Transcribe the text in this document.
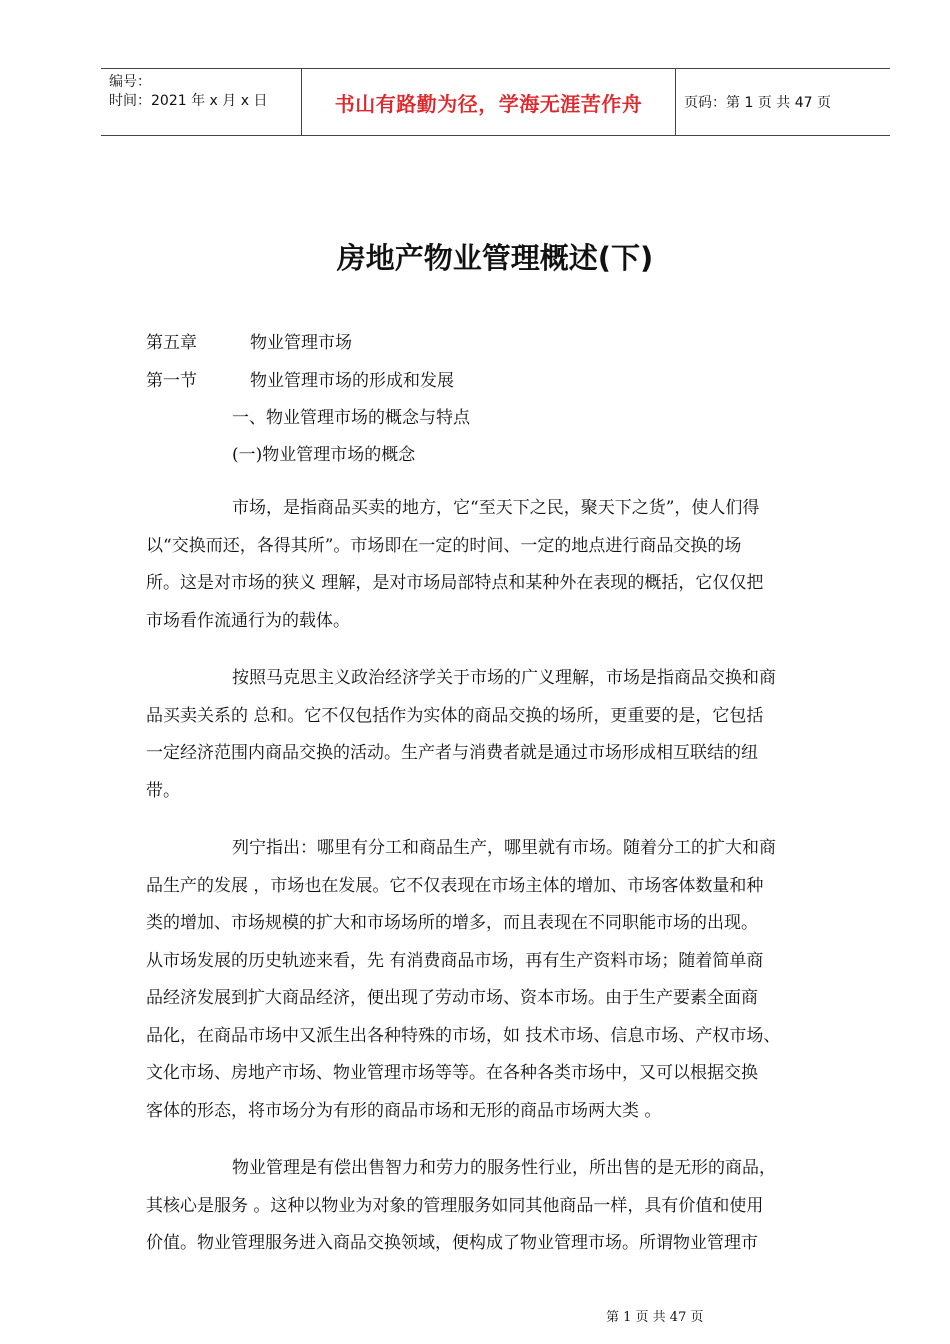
编号：
时间：2021 年 x 月 x 日	书山有路勤为径，学海无涯苦作舟	页码：第 1 页 共 47 页
房地产物业管理概述(下)
第五章	物业管理市场
第一节	物业管理市场的形成和发展
一、物业管理市场的概念与特点
(一)物业管理市场的概念
市场，是指商品买卖的地方，它“至天下之民，聚天下之货”，使人们得
以“交换而还，各得其所”。市场即在一定的时间、一定的地点进行商品交换的场
所。这是对市场的狭义 理解，是对市场局部特点和某种外在表现的概括，它仅仅把
市场看作流通行为的载体。
按照马克思主义政治经济学关于市场的广义理解，市场是指商品交换和商
品买卖关系的 总和。它不仅包括作为实体的商品交换的场所，更重要的是，它包括
一定经济范围内商品交换的活动。生产者与消费者就是通过市场形成相互联结的纽
带。
列宁指出：哪里有分工和商品生产，哪里就有市场。随着分工的扩大和商
品生产的发展 ，市场也在发展。它不仅表现在市场主体的增加、市场客体数量和种
类的增加、市场规模的扩大和市场场所的增多，而且表现在不同职能市场的出现。
从市场发展的历史轨迹来看，先 有消费商品市场，再有生产资料市场；随着简单商
品经济发展到扩大商品经济，便出现了劳动市场、资本市场。由于生产要素全面商
品化，在商品市场中又派生出各种特殊的市场，如 技术市场、信息市场、产权市场、
文化市场、房地产市场、物业管理市场等等。在各种各类市场中，又可以根据交换
客体的形态，将市场分为有形的商品市场和无形的商品市场两大类 。
物业管理是有偿出售智力和劳力的服务性行业，所出售的是无形的商品，
其核心是服务 。这种以物业为对象的管理服务如同其他商品一样，具有价值和使用
价值。物业管理服务进入商品交换领域，便构成了物业管理市场。所谓物业管理市
第 1 页 共 47 页
